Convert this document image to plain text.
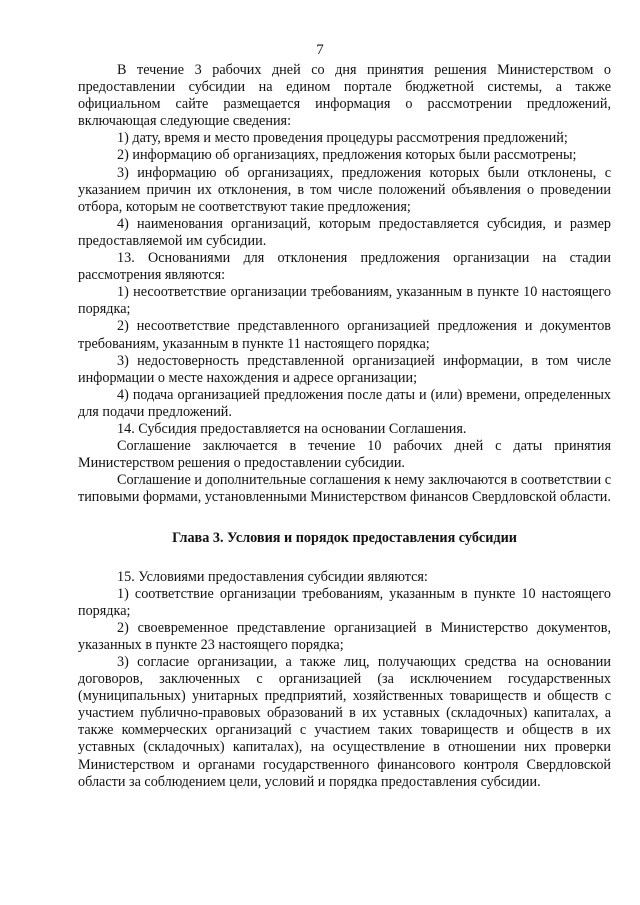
7

В течение 3 рабочих дней со дня принятия решения Министерством о предоставлении субсидии на едином портале бюджетной системы, а также официальном сайте размещается информация о рассмотрении предложений, включающая следующие сведения:

1) дату, время и место проведения процедуры рассмотрения предложений;

2) информацию об организациях, предложения которых были рассмотрены;

3) информацию об организациях, предложения которых были отклонены, с указанием причин их отклонения, в том числе положений объявления о проведении отбора, которым не соответствуют такие предложения;

4) наименования организаций, которым предоставляется субсидия, и размер предоставляемой им субсидии.

13. Основаниями для отклонения предложения организации на стадии рассмотрения являются:

1) несоответствие организации требованиям, указанным в пункте 10 настоящего порядка;

2) несоответствие представленного организацией предложения и документов требованиям, указанным в пункте 11 настоящего порядка;

3) недостоверность представленной организацией информации, в том числе информации о месте нахождения и адресе организации;

4) подача организацией предложения после даты и (или) времени, определенных для подачи предложений.

14. Субсидия предоставляется на основании Соглашения.

Соглашение заключается в течение 10 рабочих дней с даты принятия Министерством решения о предоставлении субсидии.

Соглашение и дополнительные соглашения к нему заключаются в соответствии с типовыми формами, установленными Министерством финансов Свердловской области.

Глава 3. Условия и порядок предоставления субсидии

15. Условиями предоставления субсидии являются:

1) соответствие организации требованиям, указанным в пункте 10 настоящего порядка;

2) своевременное представление организацией в Министерство документов, указанных в пункте 23 настоящего порядка;

3) согласие организации, а также лиц, получающих средства на основании договоров, заключенных с организацией (за исключением государственных (муниципальных) унитарных предприятий, хозяйственных товариществ и обществ с участием публично-правовых образований в их уставных (складочных) капиталах, а также коммерческих организаций с участием таких товариществ и обществ в их уставных (складочных) капиталах), на осуществление в отношении них проверки Министерством и органами государственного финансового контроля Свердловской области за соблюдением цели, условий и порядка предоставления субсидии.
